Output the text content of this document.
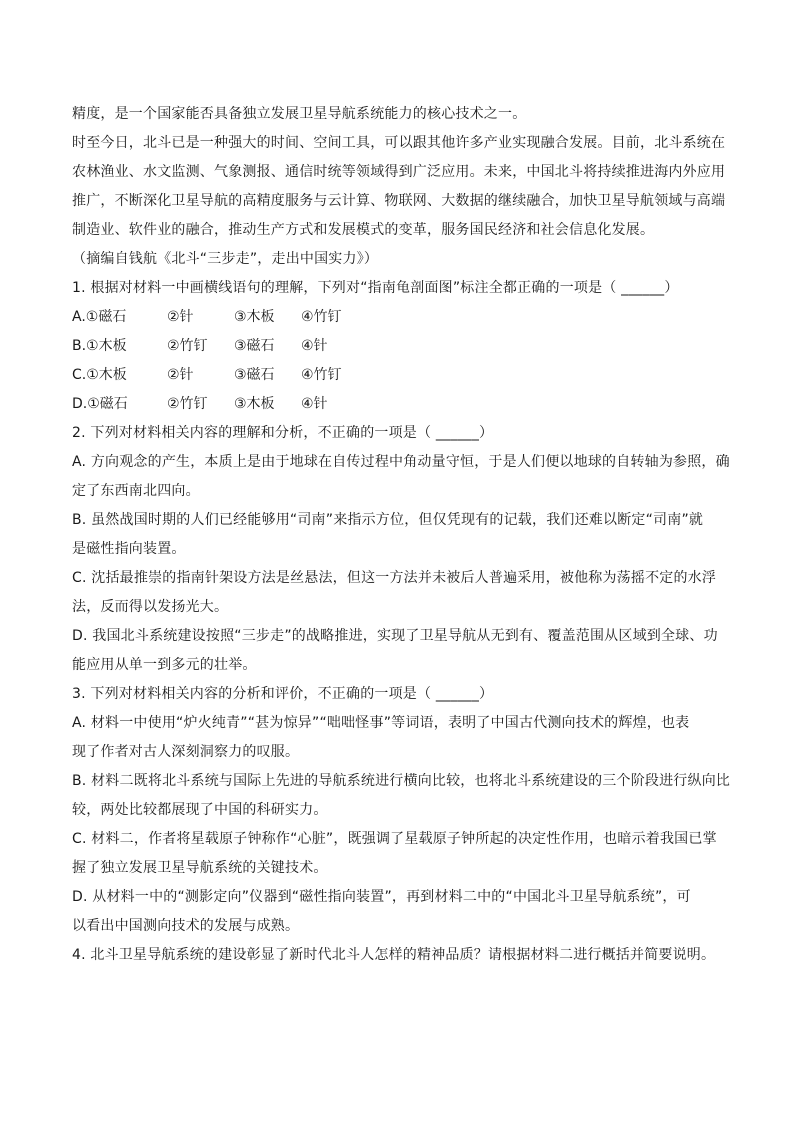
精度，是一个国家能否具备独立发展卫星导航系统能力的核心技术之一。
时至今日，北斗已是一种强大的时间、空间工具，可以跟其他许多产业实现融合发展。目前，北斗系统在
农林渔业、水文监测、气象测报、通信时统等领域得到广泛应用。未来，中国北斗将持续推进海内外应用
推广，不断深化卫星导航的高精度服务与云计算、物联网、大数据的继续融合，加快卫星导航领域与高端
制造业、软件业的融合，推动生产方式和发展模式的变革，服务国民经济和社会信息化发展。
（摘编自钱航《北斗“三步走”，走出中国实力》）
1. 根据对材料一中画横线语句的理解，下列对“指南龟剖面图”标注全都正确的一项是（ ______）
A.①磁石	②针	③木板	④竹钉
B.①木板	②竹钉	③磁石	④针
C.①木板	②针	③磁石	④竹钉
D.①磁石	②竹钉	③木板	④针
2. 下列对材料相关内容的理解和分析，不正确的一项是（ ______）
A. 方向观念的产生，本质上是由于地球在自传过程中角动量守恒，于是人们便以地球的自转轴为参照，确
定了东西南北四向。
B. 虽然战国时期的人们已经能够用“司南”来指示方位，但仅凭现有的记载，我们还难以断定“司南”就
是磁性指向装置。
C. 沈括最推崇的指南针架设方法是丝悬法，但这一方法并未被后人普遍采用，被他称为荡摇不定的水浮
法，反而得以发扬光大。
D. 我国北斗系统建设按照“三步走”的战略推进，实现了卫星导航从无到有、覆盖范围从区域到全球、功
能应用从单一到多元的壮举。
3. 下列对材料相关内容的分析和评价，不正确的一项是（ ______）
A. 材料一中使用“炉火纯青”“甚为惊异”“咄咄怪事”等词语，表明了中国古代测向技术的辉煌，也表
现了作者对古人深刻洞察力的叹服。
B. 材料二既将北斗系统与国际上先进的导航系统进行横向比较，也将北斗系统建设的三个阶段进行纵向比
较，两处比较都展现了中国的科研实力。
C. 材料二，作者将星载原子钟称作“心脏”，既强调了星载原子钟所起的决定性作用，也暗示着我国已掌
握了独立发展卫星导航系统的关键技术。
D. 从材料一中的“测影定向”仪器到“磁性指向装置”，再到材料二中的“中国北斗卫星导航系统”，可
以看出中国测向技术的发展与成熟。
4. 北斗卫星导航系统的建设彰显了新时代北斗人怎样的精神品质？请根据材料二进行概括并简要说明。
